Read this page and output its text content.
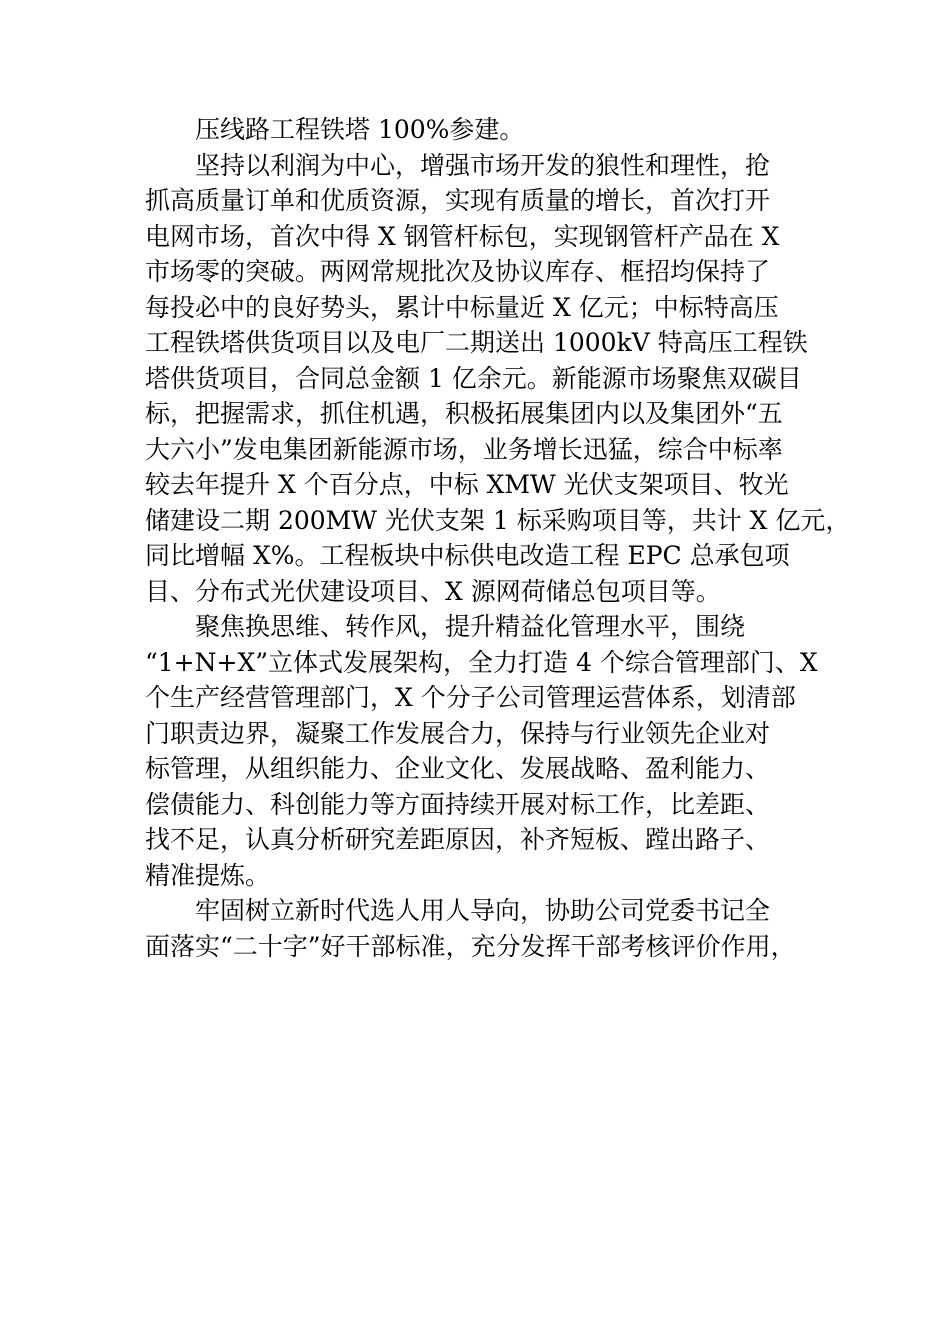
压线路工程铁塔 100%参建。
坚持以利润为中心，增强市场开发的狼性和理性，抢
抓高质量订单和优质资源，实现有质量的增长，首次打开
电网市场，首次中得 X 钢管杆标包，实现钢管杆产品在 X
市场零的突破。两网常规批次及协议库存、框招均保持了
每投必中的良好势头，累计中标量近 X 亿元；中标特高压
工程铁塔供货项目以及电厂二期送出 1000kV 特高压工程铁
塔供货项目，合同总金额 1 亿余元。新能源市场聚焦双碳目
标，把握需求，抓住机遇，积极拓展集团内以及集团外“五
大六小”发电集团新能源市场，业务增长迅猛，综合中标率
较去年提升 X 个百分点，中标 XMW 光伏支架项目、牧光
储建设二期 200MW 光伏支架 1 标采购项目等，共计 X 亿元，
同比增幅 X%。工程板块中标供电改造工程 EPC 总承包项
目、分布式光伏建设项目、X 源网荷储总包项目等。
聚焦换思维、转作风，提升精益化管理水平，围绕
“1+N+X”立体式发展架构，全力打造 4 个综合管理部门、X
个生产经营管理部门，X 个分子公司管理运营体系，划清部
门职责边界，凝聚工作发展合力，保持与行业领先企业对
标管理，从组织能力、企业文化、发展战略、盈利能力、
偿债能力、科创能力等方面持续开展对标工作，比差距、
找不足，认真分析研究差距原因，补齐短板、蹚出路子、
精准提炼。
牢固树立新时代选人用人导向，协助公司党委书记全
面落实“二十字”好干部标准，充分发挥干部考核评价作用，
